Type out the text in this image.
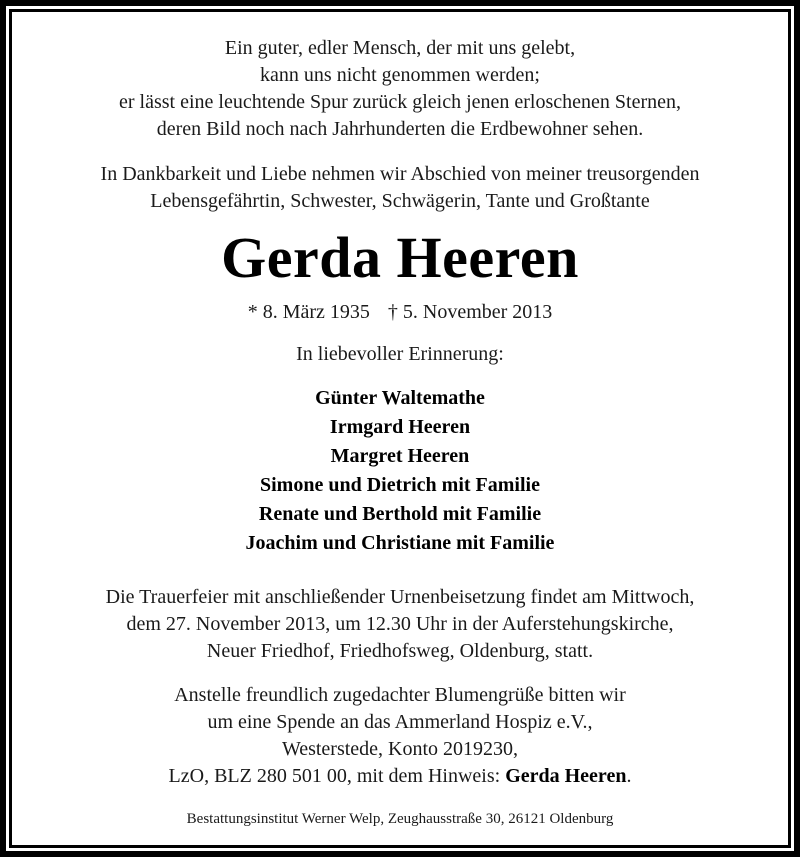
Ein guter, edler Mensch, der mit uns gelebt,
kann uns nicht genommen werden;
er lässt eine leuchtende Spur zurück gleich jenen erloschenen Sternen,
deren Bild noch nach Jahrhunderten die Erdbewohner sehen.
In Dankbarkeit und Liebe nehmen wir Abschied von meiner treusorgenden
Lebensgefährtin, Schwester, Schwägerin, Tante und Großtante
Gerda Heeren
* 8. März 1935 † 5. November 2013
In liebevoller Erinnerung:
Günter Waltemathe
Irmgard Heeren
Margret Heeren
Simone und Dietrich mit Familie
Renate und Berthold mit Familie
Joachim und Christiane mit Familie
Die Trauerfeier mit anschließender Urnenbeisetzung findet am Mittwoch,
dem 27. November 2013, um 12.30 Uhr in der Auferstehungskirche,
Neuer Friedhof, Friedhofsweg, Oldenburg, statt.
Anstelle freundlich zugedachter Blumengrüße bitten wir
um eine Spende an das Ammerland Hospiz e.V.,
Westerstede, Konto 2019230,
LzO, BLZ 280 501 00, mit dem Hinweis: Gerda Heeren.
Bestattungsinstitut Werner Welp, Zeughausstraße 30, 26121 Oldenburg
